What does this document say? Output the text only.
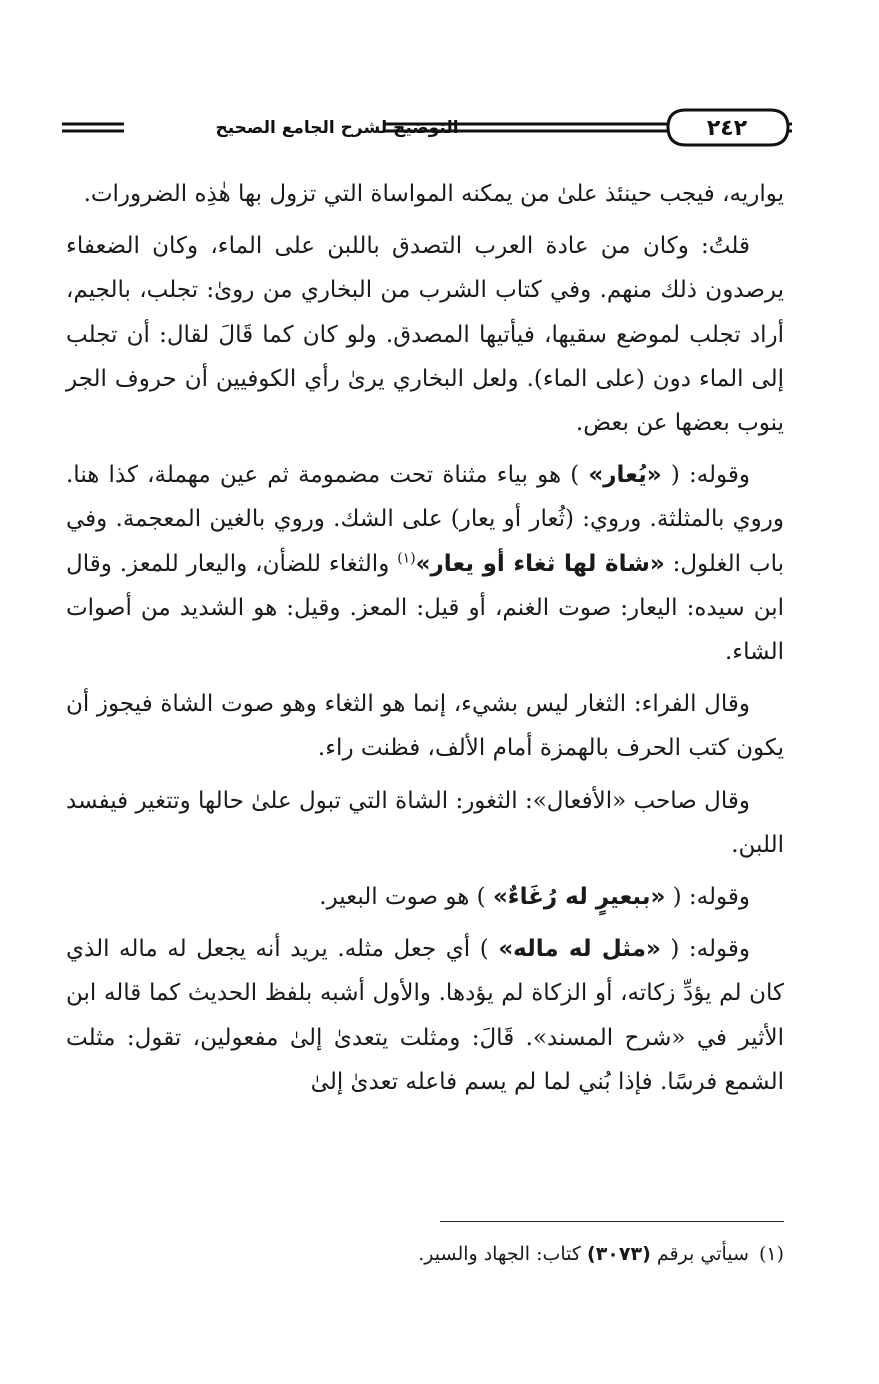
التوضيح لشرح الجامع الصحيح	٢٤٢

يواريه، فيجب حينئذ علىٰ من يمكنه المواساة التي تزول بها هٰذِه الضرورات.

قلتُ: وكان من عادة العرب التصدق باللبن على الماء، وكان الضعفاء يرصدون ذلك منهم. وفي كتاب الشرب من البخاري من رویٰ: تجلب، بالجيم، أراد تجلب لموضع سقيها، فيأتيها المصدق. ولو كان كما قَالَ لقال: أن تجلب إلى الماء دون (على الماء). ولعل البخاري يرىٰ رأي الكوفيين أن حروف الجر ينوب بعضها عن بعض.

وقوله: ( «يُعار» ) هو بياء مثناة تحت مضمومة ثم عين مهملة، كذا هنا. وروي بالمثلثة. وروي: (ثُعار أو يعار) على الشك. وروي بالغين المعجمة. وفي باب الغلول: «شاة لها ثغاء أو يعار»$^{(١)}$ والثغاء للضأن، واليعار للمعز. وقال ابن سيده: اليعار: صوت الغنم، أو قيل: المعز. وقيل: هو الشديد من أصوات الشاء.

وقال الفراء: الثغار ليس بشيء، إنما هو الثغاء وهو صوت الشاة فيجوز أن يكون كتب الحرف بالهمزة أمام الألف، فظنت راء.

وقال صاحب «الأفعال»: الثغور: الشاة التي تبول علىٰ حالها وتتغير فيفسد اللبن.

وقوله: ( «ببعيرٍ له رُغَاءٌ» ) هو صوت البعير.

وقوله: ( «مثل له ماله» ) أي جعل مثله. يريد أنه يجعل له ماله الذي كان لم يؤدِّ زكاته، أو الزكاة لم يؤدها. والأول أشبه بلفظ الحديث كما قاله ابن الأثير في «شرح المسند». قَالَ: ومثلت يتعدىٰ إلىٰ مفعولين، تقول: مثلت الشمع فرسًا. فإذا بُني لما لم يسم فاعله تعدىٰ إلىٰ

(١)سيأتي برقم (٣٠٧٣) كتاب: الجهاد والسير.
